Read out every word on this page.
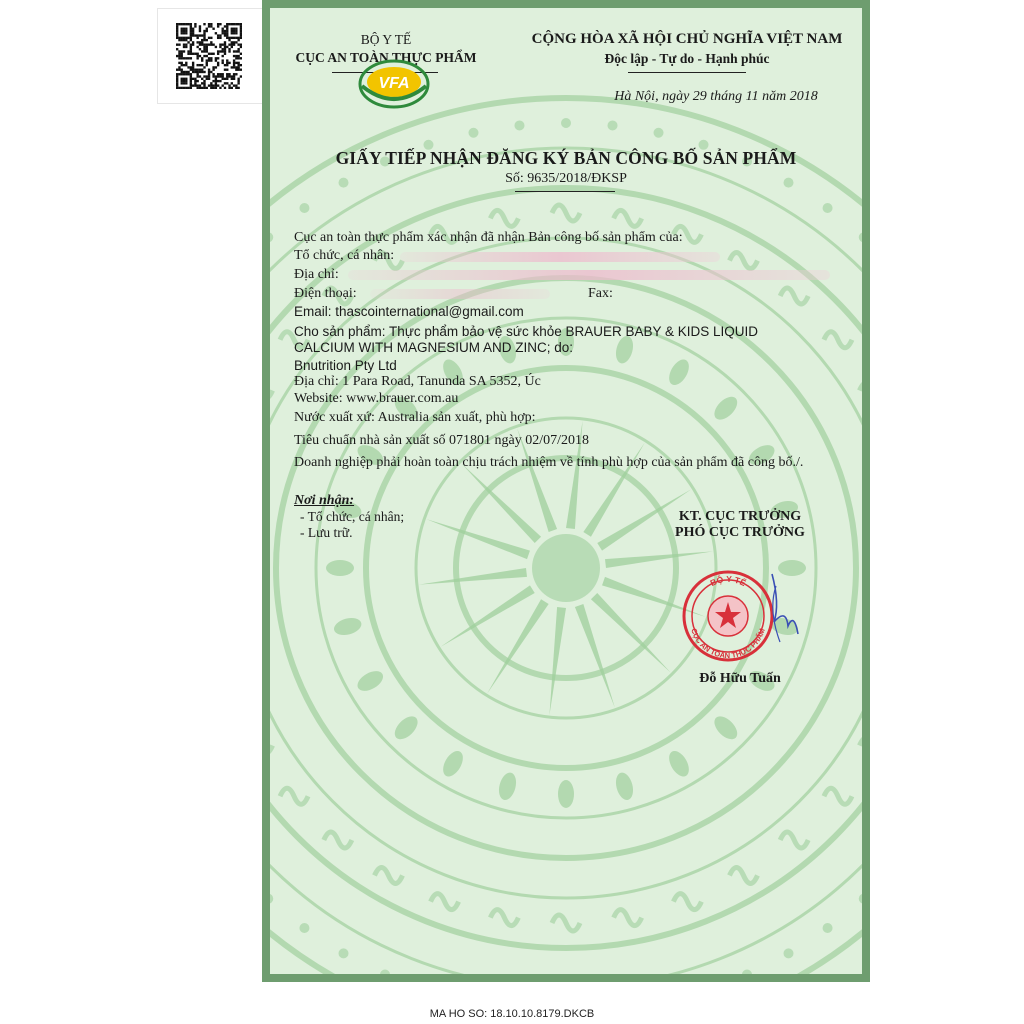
BỘ Y TẾ
CỤC AN TOÀN THỰC PHẨM
VFA
CỘNG HÒA XÃ HỘI CHỦ NGHĨA VIỆT NAM
Độc lập - Tự do - Hạnh phúc
Hà Nội, ngày 29 tháng 11 năm 2018
GIẤY TIẾP NHẬN ĐĂNG KÝ BẢN CÔNG BỐ SẢN PHẨM
Số: 9635/2018/ĐKSP
Cục an toàn thực phẩm xác nhận đã nhận Bản công bố sản phẩm của:
Tổ chức, cá nhân:
Địa chỉ:
Điện thoại:	Fax:
Email: thascointernational@gmail.com
Cho sản phẩm: Thực phẩm bảo vệ sức khỏe BRAUER BABY & KIDS LIQUID
CALCIUM WITH MAGNESIUM AND ZINC; do:
Bnutrition Pty Ltd
Địa chỉ: 1 Para Road, Tanunda SA 5352, Úc
Website: www.brauer.com.au
Nước xuất xứ: Australia sản xuất, phù hợp:
Tiêu chuẩn nhà sản xuất số 071801 ngày 02/07/2018
Doanh nghiệp phải hoàn toàn chịu trách nhiệm về tính phù hợp của sản phẩm đã công bố./.
Nơi nhận:
- Tổ chức, cá nhân;
- Lưu trữ.
KT. CỤC TRƯỞNG
PHÓ CỤC TRƯỞNG
BỘ Y TẾ
CỤC AN TOÀN THỰC PHẨM
Đỗ Hữu Tuấn
MA HO SO: 18.10.10.8179.DKCB
